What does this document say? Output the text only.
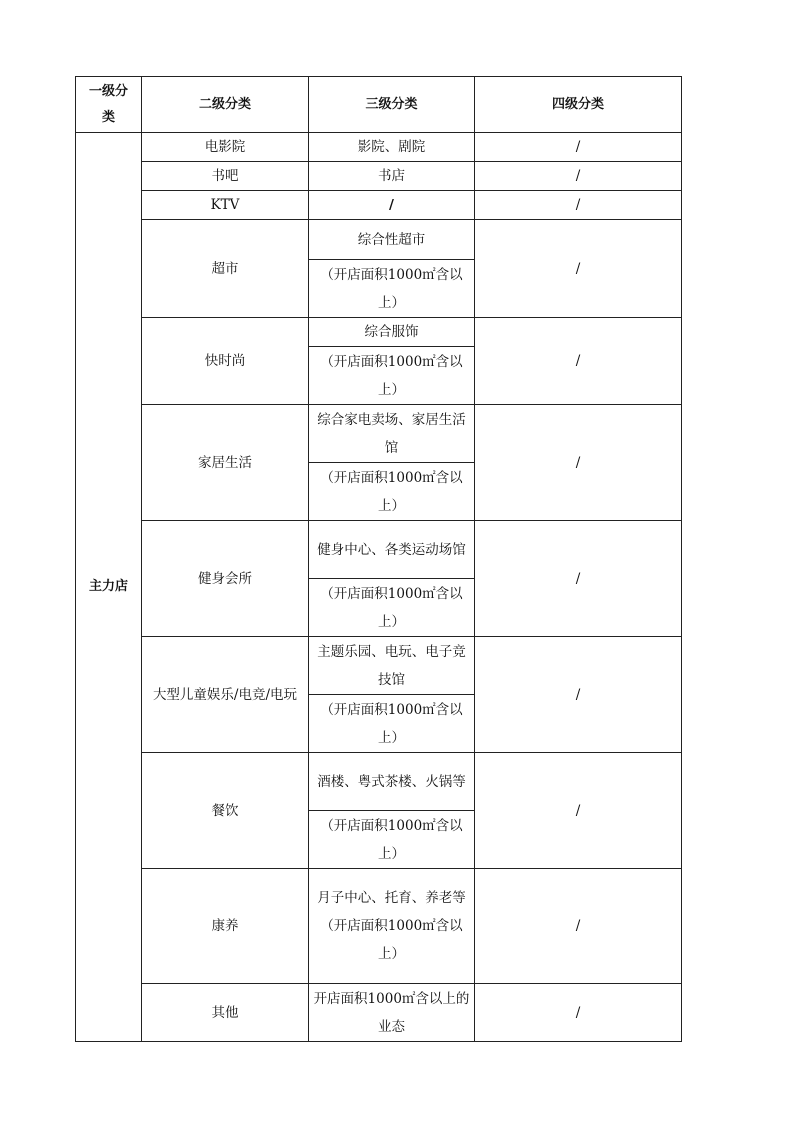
一级分类	二级分类	三级分类	四级分类
主力店	电影院	影院、剧院	/
	书吧	书店	/
	KTV	/	/
	超市	综合性超市	/
		（开店面积1000㎡含以上）	
	快时尚	综合服饰	/
		（开店面积1000㎡含以上）	
	家居生活	综合家电卖场、家居生活馆	/
		（开店面积1000㎡含以上）	
	健身会所	健身中心、各类运动场馆	/
		（开店面积1000㎡含以上）	
	大型儿童娱乐/电竞/电玩	主题乐园、电玩、电子竞技馆	/
		（开店面积1000㎡含以上）	
	餐饮	酒楼、粤式茶楼、火锅等	/
		（开店面积1000㎡含以上）	
	康养	月子中心、托育、养老等（开店面积1000㎡含以上）	/
	其他	开店面积1000㎡含以上的业态	/
